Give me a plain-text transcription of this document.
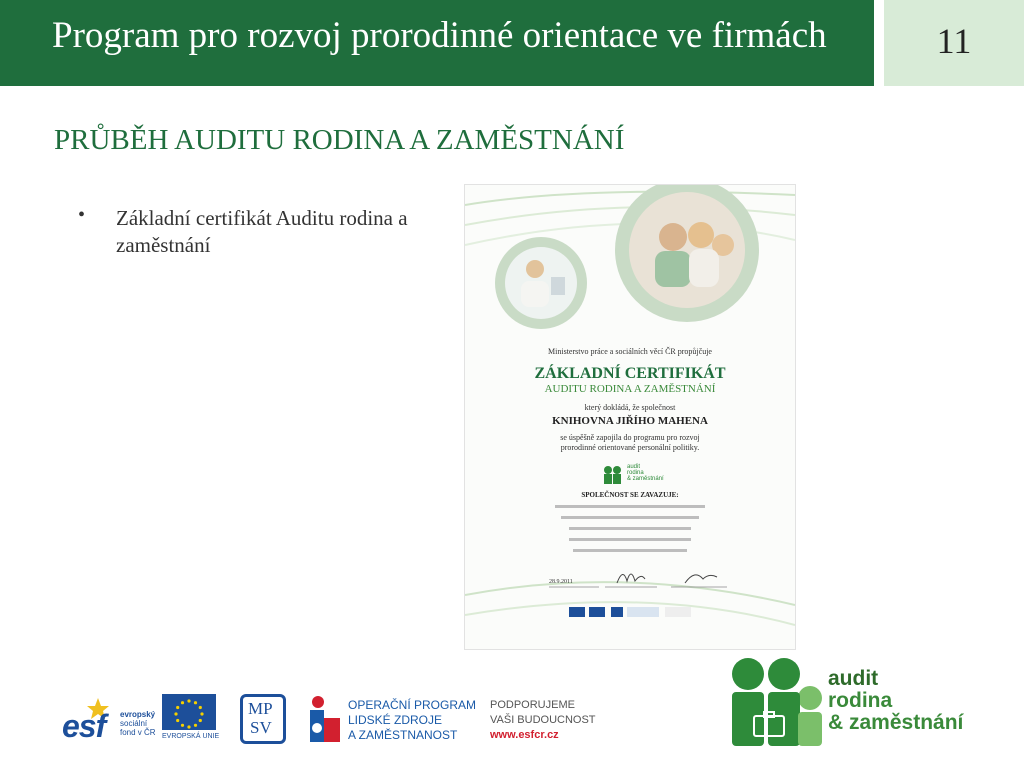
Program pro rozvoj prorodinné orientace ve firmách	11
PRŮBĚH AUDITU RODINA A ZAMĚSTNÁNÍ
• Základní certifikát Auditu rodina a zaměstnání
Ministerstvo práce a sociálních věcí ČR propůjčuje
ZÁKLADNÍ CERTIFIKÁT
AUDITU RODINA A ZAMĚSTNÁNÍ
který dokládá, že společnost
KNIHOVNA JIŘÍHO MAHENA
se úspěšně zapojila do programu pro rozvoj prorodinné orientované personální politiky.
audit
rodina
& zaměstnání
SPOLEČNOST SE ZAVAZUJE:
28.9.2011
esf evropský
sociální
fond v ČR EVROPSKÁ UNIE
MP
SV
OPERAČNÍ PROGRAM
LIDSKÉ ZDROJE
A ZAMĚSTNANOST
PODPORUJEME
VAŠI BUDOUCNOST
www.esfcr.cz
audit
rodina
& zaměstnání
